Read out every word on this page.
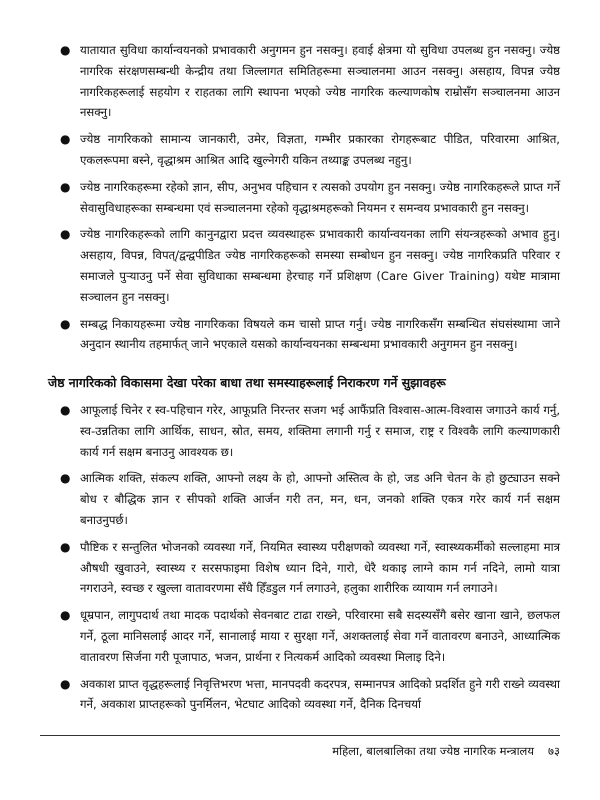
● यातायात सुविधा कार्यान्वयनको प्रभावकारी अनुगमन हुन नसक्नु। हवाई क्षेत्रमा यो सुविधा उपलब्ध हुन नसक्नु। ज्येष्ठ नागरिक संरक्षणसम्बन्धी केन्द्रीय तथा जिल्लागत समितिहरूमा सञ्चालनमा आउन नसक्नु। असहाय, विपन्न ज्येष्ठ नागरिकहरूलाई सहयोग र राहतका लागि स्थापना भएको ज्येष्ठ नागरिक कल्याणकोष राम्रोसँग सञ्चालनमा आउन नसक्नु।
● ज्येष्ठ नागरिकको सामान्य जानकारी, उमेर, विज्ञता, गम्भीर प्रकारका रोगहरूबाट पीडित, परिवारमा आश्रित, एकलरूपमा बस्ने, वृद्धाश्रम आश्रित आदि खुल्नेगरी यकिन तथ्याङ्क उपलब्ध नहुनु।
● ज्येष्ठ नागरिकहरूमा रहेको ज्ञान, सीप, अनुभव पहिचान र त्यसको उपयोग हुन नसक्नु। ज्येष्ठ नागरिकहरूले प्राप्त गर्ने सेवासुविधाहरूका सम्बन्धमा एवं सञ्चालनमा रहेको वृद्धाश्रमहरूको नियमन र समन्वय प्रभावकारी हुन नसक्नु।
● ज्येष्ठ नागरिकहरूको लागि कानुनद्वारा प्रदत्त व्यवस्थाहरू प्रभावकारी कार्यान्वयनका लागि संयन्त्रहरूको अभाव हुनु। असहाय, विपन्न, विपत्/द्वन्द्वपीडित ज्येष्ठ नागरिकहरूको समस्या सम्बोधन हुन नसक्नु। ज्येष्ठ नागरिकप्रति परिवार र समाजले पुऱ्याउनु पर्ने सेवा सुविधाका सम्बन्धमा हेरचाह गर्ने प्रशिक्षण (Care Giver Training) यथेष्ट मात्रामा सञ्चालन हुन नसक्नु।
● सम्बद्ध निकायहरूमा ज्येष्ठ नागरिकका विषयले कम चासो प्राप्त गर्नु। ज्येष्ठ नागरिकसँग सम्बन्धित संघसंस्थामा जाने अनुदान स्थानीय तहमार्फत् जाने भएकाले यसको कार्यान्वयनका सम्बन्धमा प्रभावकारी अनुगमन हुन नसक्नु।
जेष्ठ नागरिकको विकासमा देखा परेका बाधा तथा समस्याहरूलाई निराकरण गर्ने सुझावहरू
● आफूलाई चिनेर र स्व-पहिचान गरेर, आफूप्रति निरन्तर सजग भई आफैंप्रति विश्वास-आत्म-विश्वास जगाउने कार्य गर्नु, स्व-उन्नतिका लागि आर्थिक, साधन, स्रोत, समय, शक्तिमा लगानी गर्नु र समाज, राष्ट्र र विश्वकै लागि कल्याणकारी कार्य गर्न सक्षम बनाउनु आवश्यक छ।
● आत्मिक शक्ति, संकल्प शक्ति, आफ्नो लक्ष्य के हो, आफ्नो अस्तित्व के हो, जड अनि चेतन के हो छुट्याउन सक्ने बोध र बौद्धिक ज्ञान र सीपको शक्ति आर्जन गरी तन, मन, धन, जनको शक्ति एकत्र गरेर कार्य गर्न सक्षम बनाउनुपर्छ।
● पौष्टिक र सन्तुलित भोजनको व्यवस्था गर्ने, नियमित स्वास्थ्य परीक्षणको व्यवस्था गर्ने, स्वास्थ्यकर्मीको सल्लाहमा मात्र औषधी खुवाउने, स्वास्थ्य र सरसफाइमा विशेष ध्यान दिने, गारो, धेरै थकाइ लाग्ने काम गर्न नदिने, लामो यात्रा नगराउने, स्वच्छ र खुल्ला वातावरणमा सँधै हिँडडुल गर्न लगाउने, हलुका शारीरिक व्यायाम गर्न लगाउने।
● धूम्रपान, लागुपदार्थ तथा मादक पदार्थको सेवनबाट टाढा राख्ने, परिवारमा सबै सदस्यसँगै बसेर खाना खाने, छलफल गर्ने, ठूला मानिसलाई आदर गर्ने, सानालाई माया र सुरक्षा गर्ने, अशक्तलाई सेवा गर्ने वातावरण बनाउने, आध्यात्मिक वातावरण सिर्जना गरी पूजापाठ, भजन, प्रार्थना र नित्यकर्म आदिको व्यवस्था मिलाइ दिने।
● अवकाश प्राप्त वृद्धहरूलाई निवृत्तिभरण भत्ता, मानपदवी कदरपत्र, सम्मानपत्र आदिको प्रदर्शित हुने गरी राख्ने व्यवस्था गर्ने, अवकाश प्राप्तहरूको पुनर्मिलन, भेटघाट आदिको व्यवस्था गर्ने, दैनिक दिनचर्या
महिला, बालबालिका तथा ज्येष्ठ नागरिक मन्त्रालय ७३
